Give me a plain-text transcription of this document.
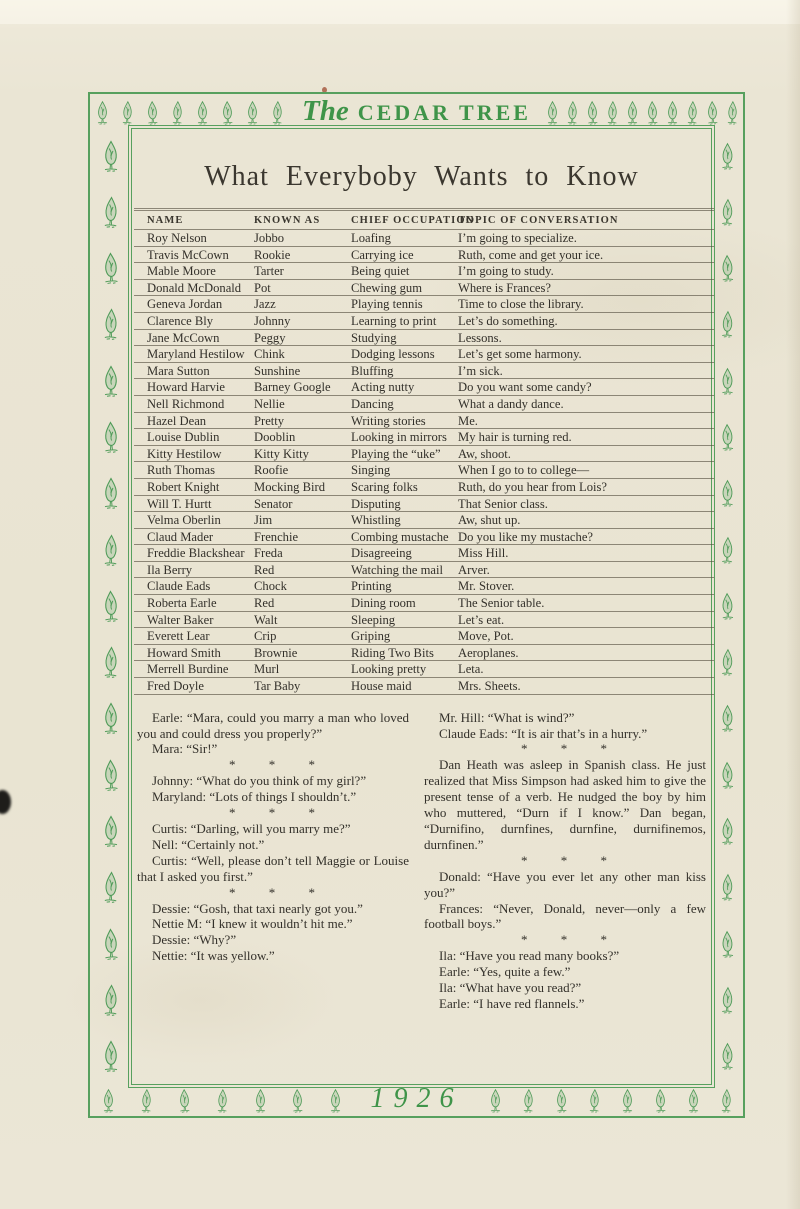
The CEDAR TREE
1926
What Everyboby Wants to Know
NAME	KNOWN AS	CHIEF OCCUPATION	TOPIC OF CONVERSATION
Roy Nelson	Jobbo	Loafing	I’m going to specialize.
Travis McCown	Rookie	Carrying ice	Ruth, come and get your ice.
Mable Moore	Tarter	Being quiet	I’m going to study.
Donald McDonald	Pot	Chewing gum	Where is Frances?
Geneva Jordan	Jazz	Playing tennis	Time to close the library.
Clarence Bly	Johnny	Learning to print	Let’s do something.
Jane McCown	Peggy	Studying	Lessons.
Maryland Hestilow	Chink	Dodging lessons	Let’s get some harmony.
Mara Sutton	Sunshine	Bluffing	I’m sick.
Howard Harvie	Barney Google	Acting nutty	Do you want some candy?
Nell Richmond	Nellie	Dancing	What a dandy dance.
Hazel Dean	Pretty	Writing stories	Me.
Louise Dublin	Dooblin	Looking in mirrors	My hair is turning red.
Kitty Hestilow	Kitty Kitty	Playing the “uke”	Aw, shoot.
Ruth Thomas	Roofie	Singing	When I go to to college—
Robert Knight	Mocking Bird	Scaring folks	Ruth, do you hear from Lois?
Will T. Hurtt	Senator	Disputing	That Senior class.
Velma Oberlin	Jim	Whistling	Aw, shut up.
Claud Mader	Frenchie	Combing mustache	Do you like my mustache?
Freddie Blackshear	Freda	Disagreeing	Miss Hill.
Ila Berry	Red	Watching the mail	Arver.
Claude Eads	Chock	Printing	Mr. Stover.
Roberta Earle	Red	Dining room	The Senior table.
Walter Baker	Walt	Sleeping	Let’s eat.
Everett Lear	Crip	Griping	Move, Pot.
Howard Smith	Brownie	Riding Two Bits	Aeroplanes.
Merrell Burdine	Murl	Looking pretty	Leta.
Fred Doyle	Tar Baby	House maid	Mrs. Sheets.

Earle: “Mara, could you marry a man who loved you and could dress you properly?”

Mara: “Sir!”

* * *

Johnny: “What do you think of my girl?”

Maryland: “Lots of things I shouldn’t.”

* * *

Curtis: “Darling, will you marry me?”

Nell: “Certainly not.”

Curtis: “Well, please don’t tell Maggie or Louise that I asked you first.”

* * *

Dessie: “Gosh, that taxi nearly got you.”

Nettie M: “I knew it wouldn’t hit me.”

Dessie: “Why?”

Nettie: “It was yellow.”

Mr. Hill: “What is wind?”

Claude Eads: “It is air that’s in a hurry.”

* * *

Dan Heath was asleep in Spanish class. He just realized that Miss Simpson had asked him to give the present tense of a verb. He nudged the boy by him who muttered, “Durn if I know.” Dan began, “Durnifino, durnfines, durnfine, durnifinemos, durnfinen.”

* * *

Donald: “Have you ever let any other man kiss you?”

Frances: “Never, Donald, never—only a few football boys.”

* * *

Ila: “Have you read many books?”

Earle: “Yes, quite a few.”

Ila: “What have you read?”

Earle: “I have red flannels.”
